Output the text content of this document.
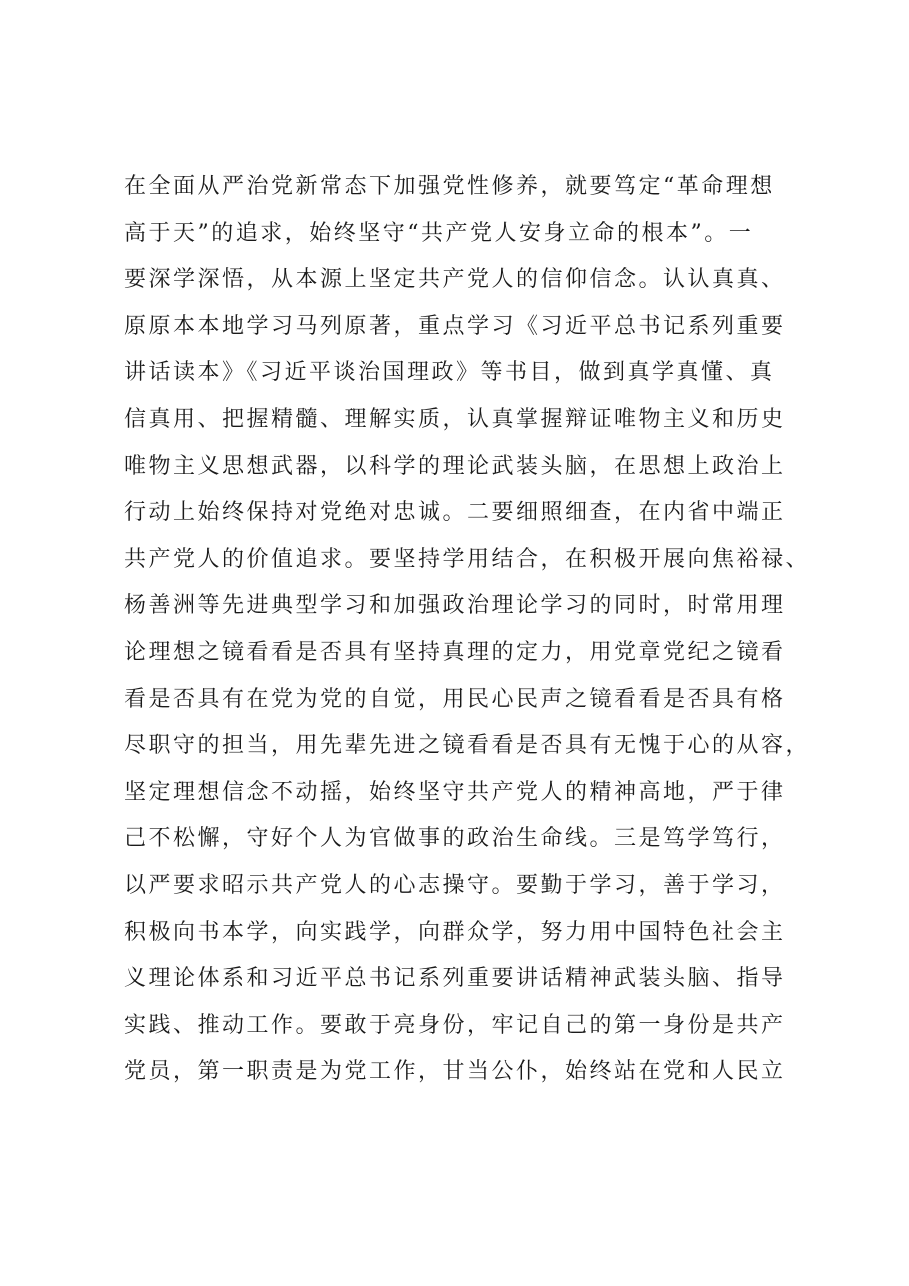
在全面从严治党新常态下加强党性修养，就要笃定“革命理想
高于天”的追求，始终坚守“共产党人安身立命的根本”。一
要深学深悟，从本源上坚定共产党人的信仰信念。认认真真、
原原本本地学习马列原著，重点学习《习近平总书记系列重要
讲话读本》《习近平谈治国理政》等书目，做到真学真懂、真
信真用、把握精髓、理解实质，认真掌握辩证唯物主义和历史
唯物主义思想武器，以科学的理论武装头脑，在思想上政治上
行动上始终保持对党绝对忠诚。二要细照细查，在内省中端正
共产党人的价值追求。要坚持学用结合，在积极开展向焦裕禄、
杨善洲等先进典型学习和加强政治理论学习的同时，时常用理
论理想之镜看看是否具有坚持真理的定力，用党章党纪之镜看
看是否具有在党为党的自觉，用民心民声之镜看看是否具有格
尽职守的担当，用先辈先进之镜看看是否具有无愧于心的从容，
坚定理想信念不动摇，始终坚守共产党人的精神高地，严于律
己不松懈，守好个人为官做事的政治生命线。三是笃学笃行，
以严要求昭示共产党人的心志操守。要勤于学习，善于学习，
积极向书本学，向实践学，向群众学，努力用中国特色社会主
义理论体系和习近平总书记系列重要讲话精神武装头脑、指导
实践、推动工作。要敢于亮身份，牢记自己的第一身份是共产
党员，第一职责是为党工作，甘当公仆，始终站在党和人民立
